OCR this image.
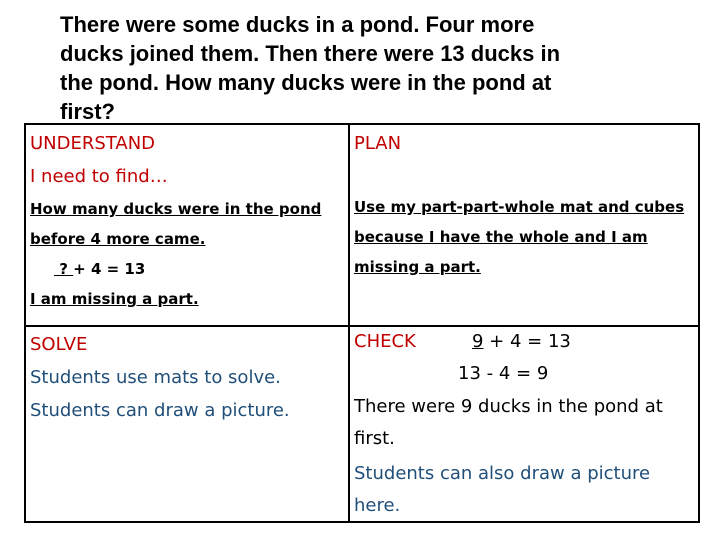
There were some ducks in a pond. Four more
ducks joined them. Then there were 13 ducks in
the pond. How many ducks were in the pond at
first?
UNDERSTAND
I need to find…
How many ducks were in the pond
before 4 more came.
? + 4 = 13
I am missing a part.
PLAN
Use my part-part-whole mat and cubes
because I have the whole and I am
missing a part.
SOLVE
Students use mats to solve.
Students can draw a picture.
CHECK	9 + 4 = 13
13 - 4 = 9
There were 9 ducks in the pond at
first.
Students can also draw a picture
here.
